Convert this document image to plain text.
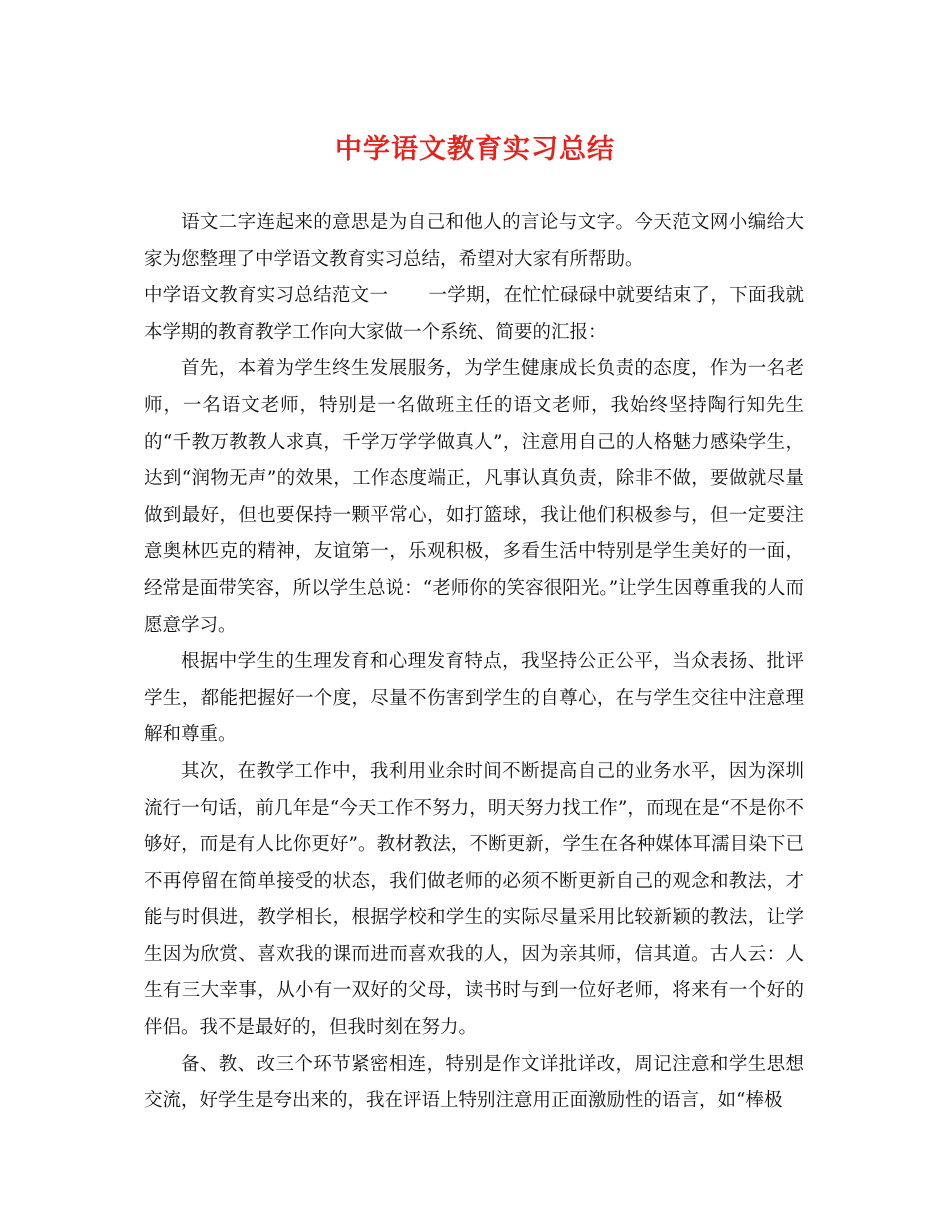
中学语文教育实习总结

语文二字连起来的意思是为自己和他人的言论与文字。今天范文网小编给大家为您整理了中学语文教育实习总结，希望对大家有所帮助。

中学语文教育实习总结范文一 一学期，在忙忙碌碌中就要结束了，下面我就本学期的教育教学工作向大家做一个系统、简要的汇报：

首先，本着为学生终生发展服务，为学生健康成长负责的态度，作为一名老师，一名语文老师，特别是一名做班主任的语文老师，我始终坚持陶行知先生的“千教万教教人求真，千学万学学做真人”，注意用自己的人格魅力感染学生，达到“润物无声”的效果，工作态度端正，凡事认真负责，除非不做，要做就尽量做到最好，但也要保持一颗平常心，如打篮球，我让他们积极参与，但一定要注意奥林匹克的精神，友谊第一，乐观积极，多看生活中特别是学生美好的一面，经常是面带笑容，所以学生总说：“老师你的笑容很阳光。”让学生因尊重我的人而愿意学习。

根据中学生的生理发育和心理发育特点，我坚持公正公平，当众表扬、批评学生，都能把握好一个度，尽量不伤害到学生的自尊心，在与学生交往中注意理解和尊重。

其次，在教学工作中，我利用业余时间不断提高自己的业务水平，因为深圳流行一句话，前几年是“今天工作不努力，明天努力找工作”，而现在是“不是你不够好，而是有人比你更好”。教材教法，不断更新，学生在各种媒体耳濡目染下已不再停留在简单接受的状态，我们做老师的必须不断更新自己的观念和教法，才能与时俱进，教学相长，根据学校和学生的实际尽量采用比较新颖的教法，让学生因为欣赏、喜欢我的课而进而喜欢我的人，因为亲其师，信其道。古人云：人生有三大幸事，从小有一双好的父母，读书时与到一位好老师，将来有一个好的伴侣。我不是最好的，但我时刻在努力。

备、教、改三个环节紧密相连，特别是作文详批详改，周记注意和学生思想交流，好学生是夸出来的，我在评语上特别注意用正面激励性的语言，如“棒极
